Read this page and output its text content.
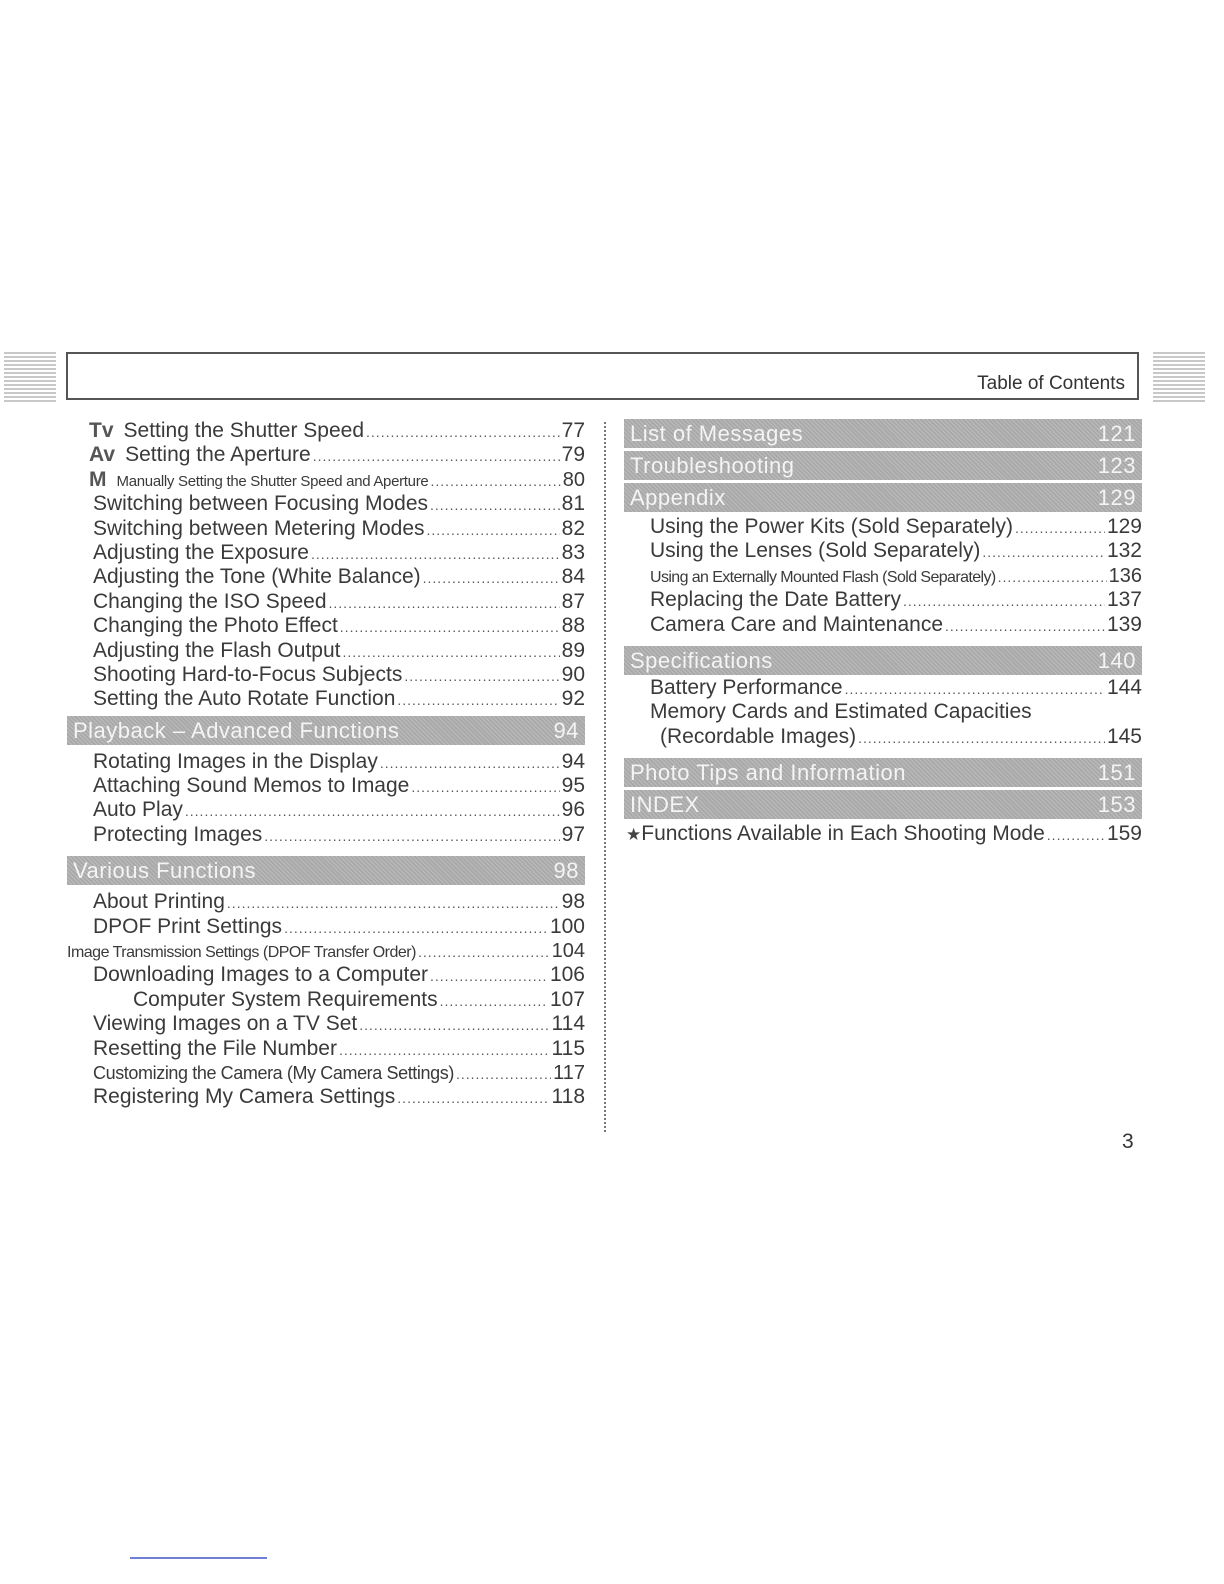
Table of Contents
Tv Setting the Shutter Speed .....	77
Av Setting the Aperture .....	79
M Manually Setting the Shutter Speed and Aperture .....	80
Switching between Focusing Modes .....	81
Switching between Metering Modes .....	82
Adjusting the Exposure .....	83
Adjusting the Tone (White Balance) .....	84
Changing the ISO Speed .....	87
Changing the Photo Effect .....	88
Adjusting the Flash Output .....	89
Shooting Hard-to-Focus Subjects .....	90
Setting the Auto Rotate Function .....	92
Playback – Advanced Functions	94
Rotating Images in the Display .....	94
Attaching Sound Memos to Image .....	95
Auto Play .....	96
Protecting Images .....	97
Various Functions	98
About Printing .....	98
DPOF Print Settings .....	100
Image Transmission Settings (DPOF Transfer Order) .....	104
Downloading Images to a Computer .....	106
Computer System Requirements .....	107
Viewing Images on a TV Set .....	114
Resetting the File Number .....	115
Customizing the Camera (My Camera Settings) .....	117
Registering My Camera Settings .....	118
List of Messages	121
Troubleshooting	123
Appendix	129
Using the Power Kits (Sold Separately) .....	129
Using the Lenses (Sold Separately) .....	132
Using an Externally Mounted Flash (Sold Separately) .....	136
Replacing the Date Battery .....	137
Camera Care and Maintenance .....	139
Specifications	140
Battery Performance .....	144
Memory Cards and Estimated Capacities
(Recordable Images) .....	145
Photo Tips and Information	151
INDEX	153
★ Functions Available in Each Shooting Mode .....	159
3
